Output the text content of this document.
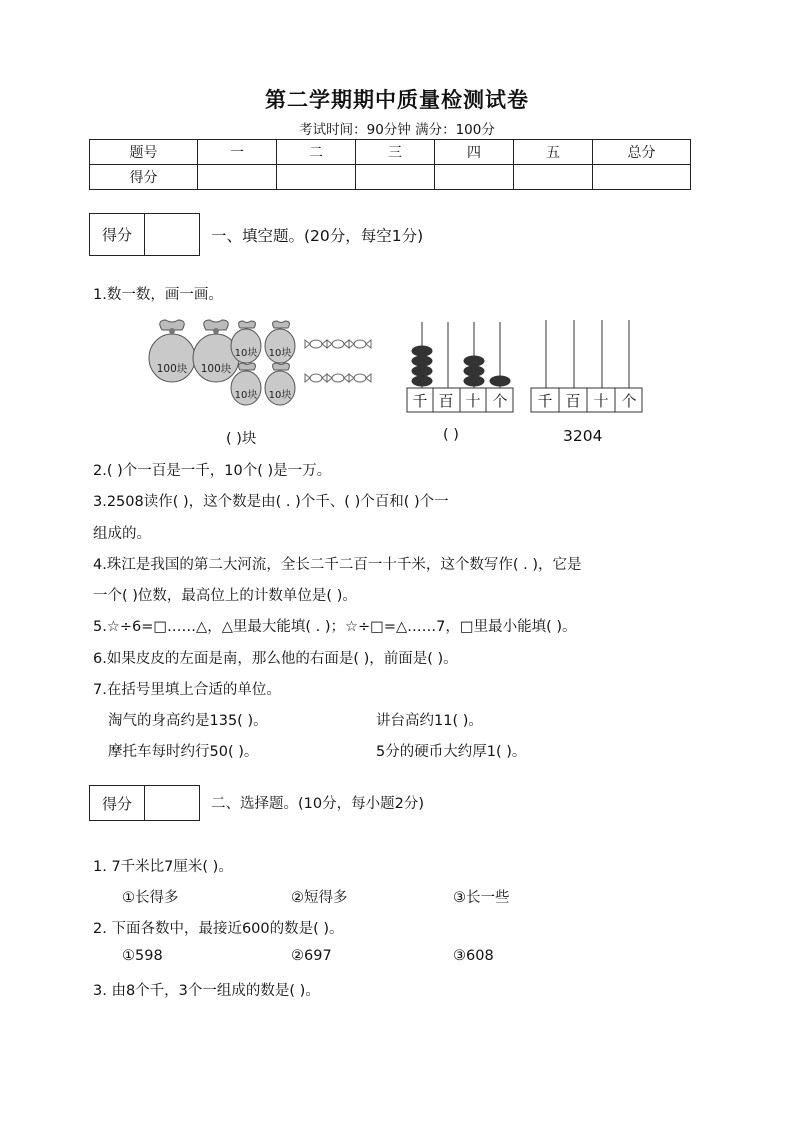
第二学期期中质量检测试卷
考试时间：90分钟 满分：100分
题号	一	二	三	四	五	总分
得分						
得分	一、填空题。(20分，每空1分)
1.数一数，画一画。
100块 100块
10块 10块
10块 10块	千 百 十 个 千 百 十 个
( )块	( )	3204
2.( )个一百是一千，10个( )是一万。
3.2508读作( )，这个数是由( . )个千、( )个百和( )个一
组成的。
4.珠江是我国的第二大河流，全长二千二百一十千米，这个数写作( . )，它是
一个( )位数，最高位上的计数单位是( )。
5.☆÷6=□……△，△里最大能填( . )；☆÷□=△……7，□里最小能填( )。
6.如果皮皮的左面是南，那么他的右面是( )，前面是( )。
7.在括号里填上合适的单位。
淘气的身高约是135( )。	讲台高约11( )。
摩托车每时约行50( )。	5分的硬币大约厚1( )。
得分	二、选择题。(10分，每小题2分)
1. 7千米比7厘米( )。
①长得多	②短得多	③长一些
2. 下面各数中，最接近600的数是( )。
①598	②697	③608
3. 由8个千，3个一组成的数是( )。
